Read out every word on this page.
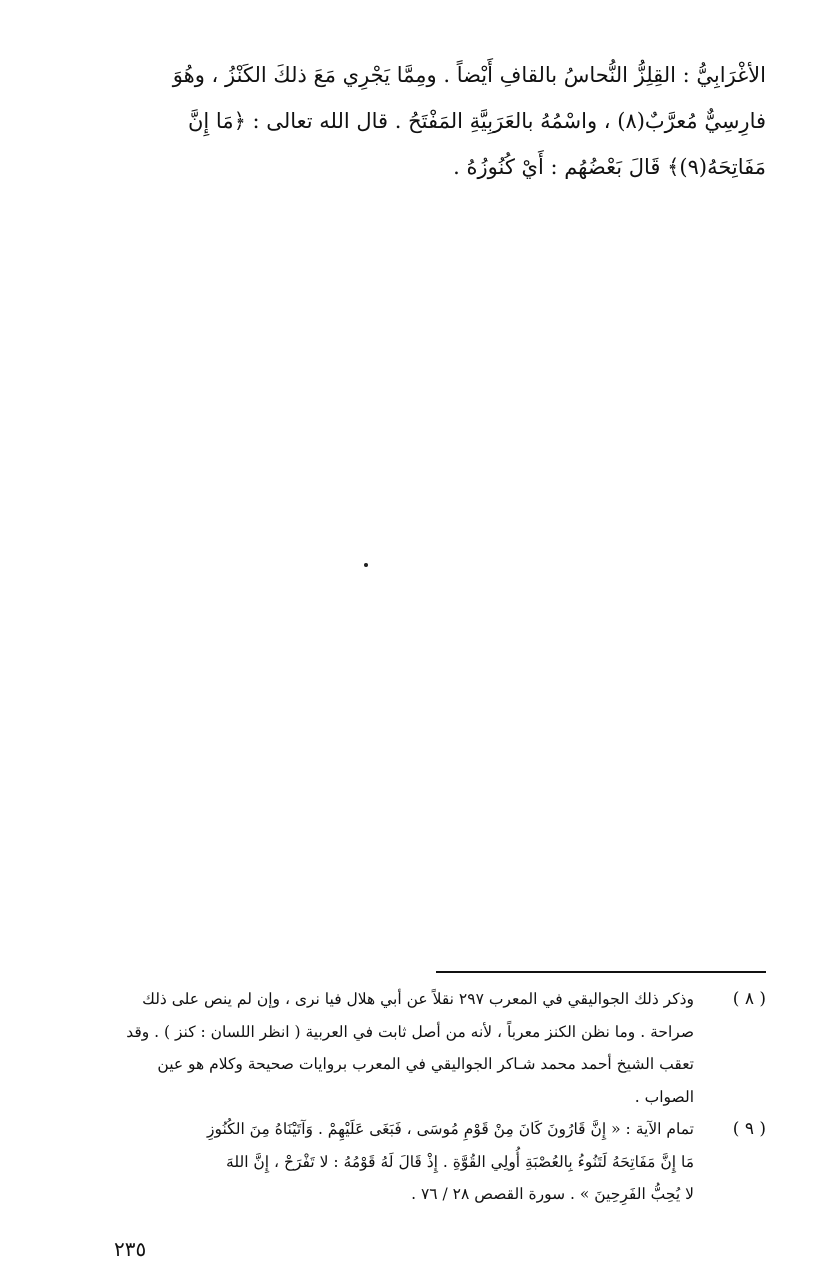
الأغْرَابِيُّ : القِلِزُّ النُّحاسُ بالقافِ أَيْضاً . ومِمَّا يَجْرِي مَعَ ذلكَ الكَنْزُ ، وهُوَ
فارِسِيٌّ مُعرَّبٌ(٨) ، واسْمُهُ بالعَرَبِيَّةِ المَفْتَحُ . قال الله تعالى : ﴿مَا إِنَّ
مَفَاتِحَهُ(٩)﴾ قَالَ بَعْضُهُم : أَيْ كُنُوزُهُ .
( ٨ )
وذكر ذلك الجواليقي في المعرب ٢٩٧ نقلاً عن أبي هلال فيا نرى ، وإن لم ينص على ذلك
صراحة . وما نظن الكنز معرباً ، لأنه من أصل ثابت في العربية ( انظر اللسان : كنز ) . وقد
تعقب الشيخ أحمد محمد شـاكر الجواليقي في المعرب بروايات صحيحة وكلام هو عين
الصواب .
( ٩ )
تمام الآية : « إِنَّ قَارُونَ كَانَ مِنْ قَوْمِ مُوسَى ، فَبَغَى عَلَيْهِمْ . وَآتَيْنَاهُ مِنَ الكُنُوزِ
مَا إِنَّ مَفَاتِحَهُ لَتَنُوءُ بِالعُصْبَةِ أُولِي القُوَّةِ . إِذْ قَالَ لَهُ قَوْمُهُ : لا تَفْرَحْ ، إِنَّ اللهَ
لا يُحِبُّ الفَرِحِينَ » . سورة القصص ٢٨ / ٧٦ .
٢٣٥
